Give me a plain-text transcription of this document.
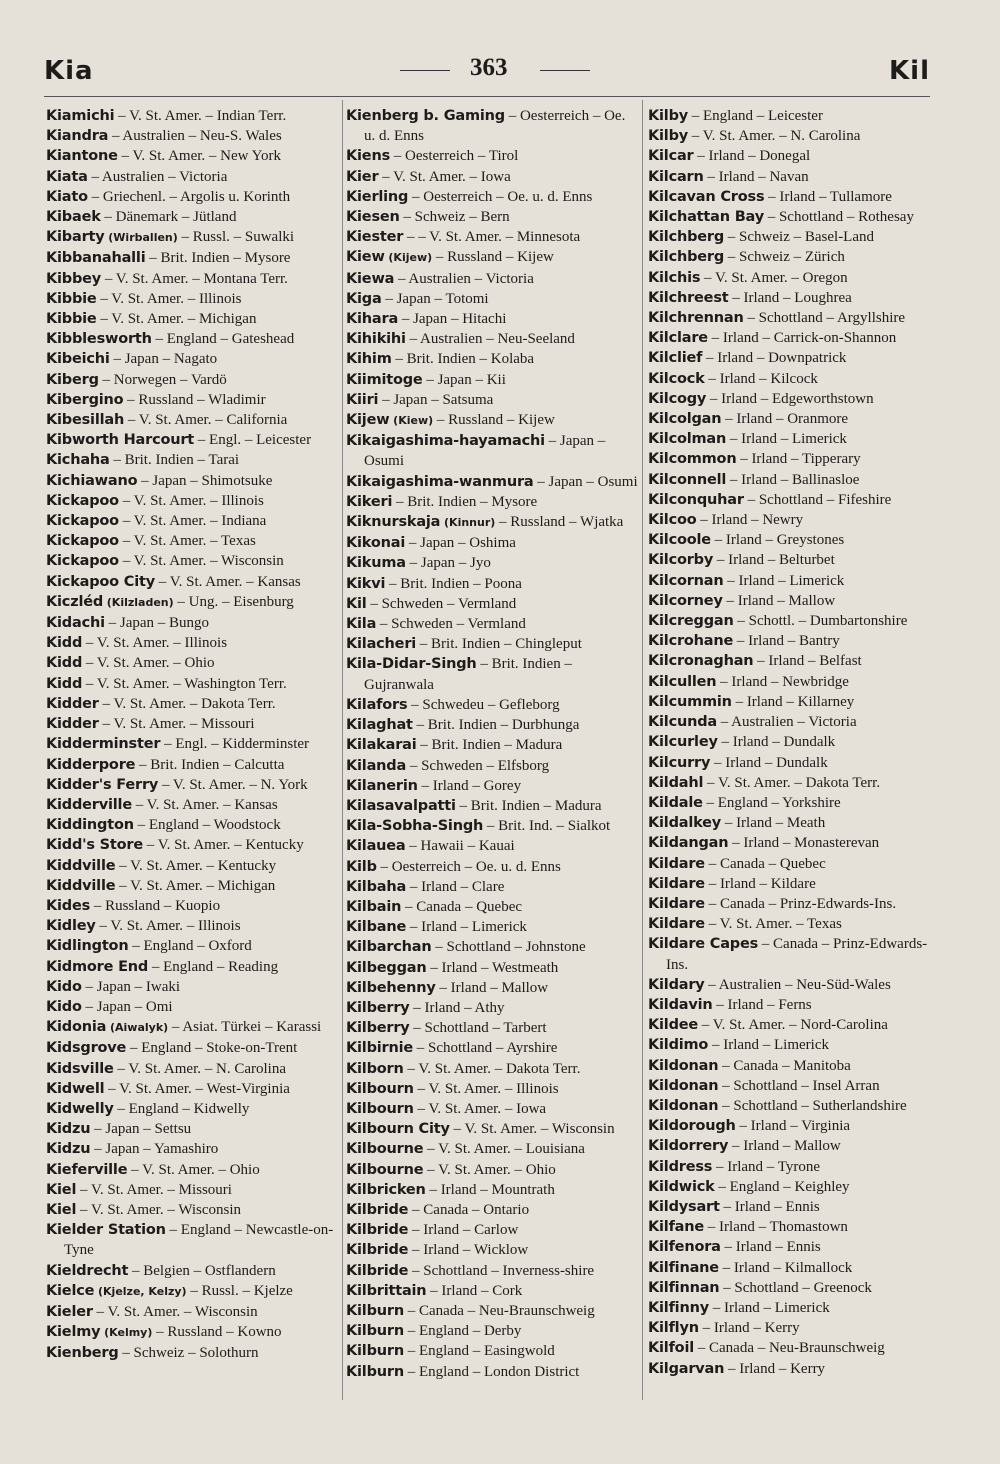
Kia	363	Kil

Kiamichi – V. St. Amer. – Indian Terr.

Kiandra – Australien – Neu-S. Wales

Kiantone – V. St. Amer. – New York

Kiata – Australien – Victoria

Kiato – Griechenl. – Argolis u. Korinth

Kibaek – Dänemark – Jütland

Kibarty (Wirballen) – Russl. – Suwalki

Kibbanahalli – Brit. Indien – Mysore

Kibbey – V. St. Amer. – Montana Terr.

Kibbie – V. St. Amer. – Illinois

Kibbie – V. St. Amer. – Michigan

Kibblesworth – England – Gateshead

Kibeichi – Japan – Nagato

Kiberg – Norwegen – Vardö

Kibergino – Russland – Wladimir

Kibesillah – V. St. Amer. – California

Kibworth Harcourt – Engl. – Leicester

Kichaha – Brit. Indien – Tarai

Kichiawano – Japan – Shimotsuke

Kickapoo – V. St. Amer. – Illinois

Kickapoo – V. St. Amer. – Indiana

Kickapoo – V. St. Amer. – Texas

Kickapoo – V. St. Amer. – Wisconsin

Kickapoo City – V. St. Amer. – Kansas

Kiczléd (Kilzladen) – Ung. – Eisenburg

Kidachi – Japan – Bungo

Kidd – V. St. Amer. – Illinois

Kidd – V. St. Amer. – Ohio

Kidd – V. St. Amer. – Washington Terr.

Kidder – V. St. Amer. – Dakota Terr.

Kidder – V. St. Amer. – Missouri

Kidderminster – Engl. – Kidderminster

Kidderpore – Brit. Indien – Calcutta

Kidder's Ferry – V. St. Amer. – N. York

Kidderville – V. St. Amer. – Kansas

Kiddington – England – Woodstock

Kidd's Store – V. St. Amer. – Kentucky

Kiddville – V. St. Amer. – Kentucky

Kiddville – V. St. Amer. – Michigan

Kides – Russland – Kuopio

Kidley – V. St. Amer. – Illinois

Kidlington – England – Oxford

Kidmore End – England – Reading

Kido – Japan – Iwaki

Kido – Japan – Omi

Kidonia (Aiwalyk) – Asiat. Türkei – Karassi

Kidsgrove – England – Stoke-on-Trent

Kidsville – V. St. Amer. – N. Carolina

Kidwell – V. St. Amer. – West-Virginia

Kidwelly – England – Kidwelly

Kidzu – Japan – Settsu

Kidzu – Japan – Yamashiro

Kieferville – V. St. Amer. – Ohio

Kiel – V. St. Amer. – Missouri

Kiel – V. St. Amer. – Wisconsin

Kielder Station – England – Newcastle-on-Tyne

Kieldrecht – Belgien – Ostflandern

Kielce (Kjelze, Kelzy) – Russl. – Kjelze

Kieler – V. St. Amer. – Wisconsin

Kielmy (Kelmy) – Russland – Kowno

Kienberg – Schweiz – Solothurn

Kienberg b. Gaming – Oesterreich – Oe. u. d. Enns

Kiens – Oesterreich – Tirol

Kier – V. St. Amer. – Iowa

Kierling – Oesterreich – Oe. u. d. Enns

Kiesen – Schweiz – Bern

Kiester – – V. St. Amer. – Minnesota

Kiew (Kijew) – Russland – Kijew

Kiewa – Australien – Victoria

Kiga – Japan – Totomi

Kihara – Japan – Hitachi

Kihikihi – Australien – Neu-Seeland

Kihim – Brit. Indien – Kolaba

Kiimitoge – Japan – Kii

Kiiri – Japan – Satsuma

Kijew (Kiew) – Russland – Kijew

Kikaigashima-hayamachi – Japan – Osumi

Kikaigashima-wanmura – Japan – Osumi

Kikeri – Brit. Indien – Mysore

Kiknurskaja (Kinnur) – Russland – Wjatka

Kikonai – Japan – Oshima

Kikuma – Japan – Jyo

Kikvi – Brit. Indien – Poona

Kil – Schweden – Vermland

Kila – Schweden – Vermland

Kilacheri – Brit. Indien – Chingleput

Kila-Didar-Singh – Brit. Indien – Gujranwala

Kilafors – Schwedeu – Gefleborg

Kilaghat – Brit. Indien – Durbhunga

Kilakarai – Brit. Indien – Madura

Kilanda – Schweden – Elfsborg

Kilanerin – Irland – Gorey

Kilasavalpatti – Brit. Indien – Madura

Kila-Sobha-Singh – Brit. Ind. – Sialkot

Kilauea – Hawaii – Kauai

Kilb – Oesterreich – Oe. u. d. Enns

Kilbaha – Irland – Clare

Kilbain – Canada – Quebec

Kilbane – Irland – Limerick

Kilbarchan – Schottland – Johnstone

Kilbeggan – Irland – Westmeath

Kilbehenny – Irland – Mallow

Kilberry – Irland – Athy

Kilberry – Schottland – Tarbert

Kilbirnie – Schottland – Ayrshire

Kilborn – V. St. Amer. – Dakota Terr.

Kilbourn – V. St. Amer. – Illinois

Kilbourn – V. St. Amer. – Iowa

Kilbourn City – V. St. Amer. – Wisconsin

Kilbourne – V. St. Amer. – Louisiana

Kilbourne – V. St. Amer. – Ohio

Kilbricken – Irland – Mountrath

Kilbride – Canada – Ontario

Kilbride – Irland – Carlow

Kilbride – Irland – Wicklow

Kilbride – Schottland – Inverness-shire

Kilbrittain – Irland – Cork

Kilburn – Canada – Neu-Braunschweig

Kilburn – England – Derby

Kilburn – England – Easingwold

Kilburn – England – London District

Kilby – England – Leicester

Kilby – V. St. Amer. – N. Carolina

Kilcar – Irland – Donegal

Kilcarn – Irland – Navan

Kilcavan Cross – Irland – Tullamore

Kilchattan Bay – Schottland – Rothesay

Kilchberg – Schweiz – Basel-Land

Kilchberg – Schweiz – Zürich

Kilchis – V. St. Amer. – Oregon

Kilchreest – Irland – Loughrea

Kilchrennan – Schottland – Argyllshire

Kilclare – Irland – Carrick-on-Shannon

Kilclief – Irland – Downpatrick

Kilcock – Irland – Kilcock

Kilcogy – Irland – Edgeworthstown

Kilcolgan – Irland – Oranmore

Kilcolman – Irland – Limerick

Kilcommon – Irland – Tipperary

Kilconnell – Irland – Ballinasloe

Kilconquhar – Schottland – Fifeshire

Kilcoo – Irland – Newry

Kilcoole – Irland – Greystones

Kilcorby – Irland – Belturbet

Kilcornan – Irland – Limerick

Kilcorney – Irland – Mallow

Kilcreggan – Schottl. – Dumbartonshire

Kilcrohane – Irland – Bantry

Kilcronaghan – Irland – Belfast

Kilcullen – Irland – Newbridge

Kilcummin – Irland – Killarney

Kilcunda – Australien – Victoria

Kilcurley – Irland – Dundalk

Kilcurry – Irland – Dundalk

Kildahl – V. St. Amer. – Dakota Terr.

Kildale – England – Yorkshire

Kildalkey – Irland – Meath

Kildangan – Irland – Monasterevan

Kildare – Canada – Quebec

Kildare – Irland – Kildare

Kildare – Canada – Prinz-Edwards-Ins.

Kildare – V. St. Amer. – Texas

Kildare Capes – Canada – Prinz-Edwards-Ins.

Kildary – Australien – Neu-Süd-Wales

Kildavin – Irland – Ferns

Kildee – V. St. Amer. – Nord-Carolina

Kildimo – Irland – Limerick

Kildonan – Canada – Manitoba

Kildonan – Schottland – Insel Arran

Kildonan – Schottland – Sutherlandshire

Kildorough – Irland – Virginia

Kildorrery – Irland – Mallow

Kildress – Irland – Tyrone

Kildwick – England – Keighley

Kildysart – Irland – Ennis

Kilfane – Irland – Thomastown

Kilfenora – Irland – Ennis

Kilfinane – Irland – Kilmallock

Kilfinnan – Schottland – Greenock

Kilfinny – Irland – Limerick

Kilflyn – Irland – Kerry

Kilfoil – Canada – Neu-Braunschweig

Kilgarvan – Irland – Kerry
